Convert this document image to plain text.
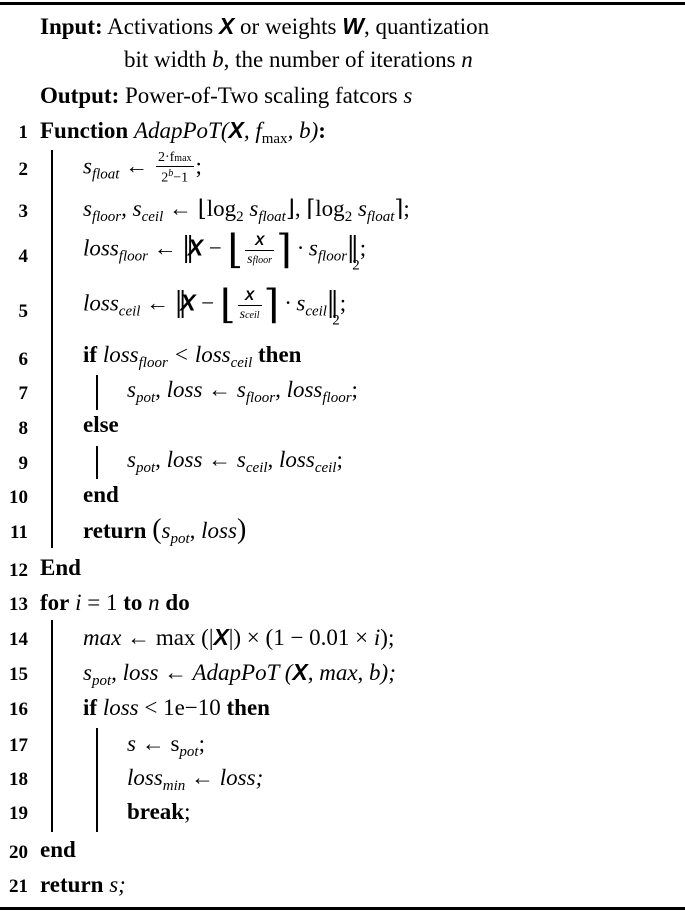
Input: Activations X or weights W, quantization
bit width b, the number of iterations n
Output: Power-of-Two scaling fatcors s
1
2
3
4
5
6
7
8
9
10
11
12
13
14
15
16
17
18
19
20
21
Function AdapPoT(X, $f_{max}$, b):
$s_{float}$ ← $\frac{2\cdot fmax}{2^b-1}$ ;
$s_{floor}$, $s_{ceil}$ ← $⌊\log_2$ $s_{float}⌋$, $⌈\log_2$ $s_{float}⌉$;
loss$_{floor}$ ← ‖X − ⌊ $\frac{X}{\text{sfloor}}$ ⌉ · $s_{floor}‖_2$;
loss$_{ceil}$ ← ‖X − ⌊ $\frac{X}{\text{sceil}}$ ⌉ · $s_{ceil}‖_2$;
if loss$_{floor}$ < loss$_{ceil}$ then
$s_{pot}$, loss ← $s_{floor}$, loss$_{floor}$;
else
$s_{pot}$, loss ← $s_{ceil}$, loss$_{ceil}$;
end
return ($s_{pot}$, loss)
End
for i = 1 to n do
max ← max (|X|) × (1 − 0.01 × i);
$s_{pot}$, loss ← AdapPoT (X, max, b);
if loss < 1e−10 then
s ← $s_{pot}$;
loss$_{min}$ ← loss;
break;
end
return s;
